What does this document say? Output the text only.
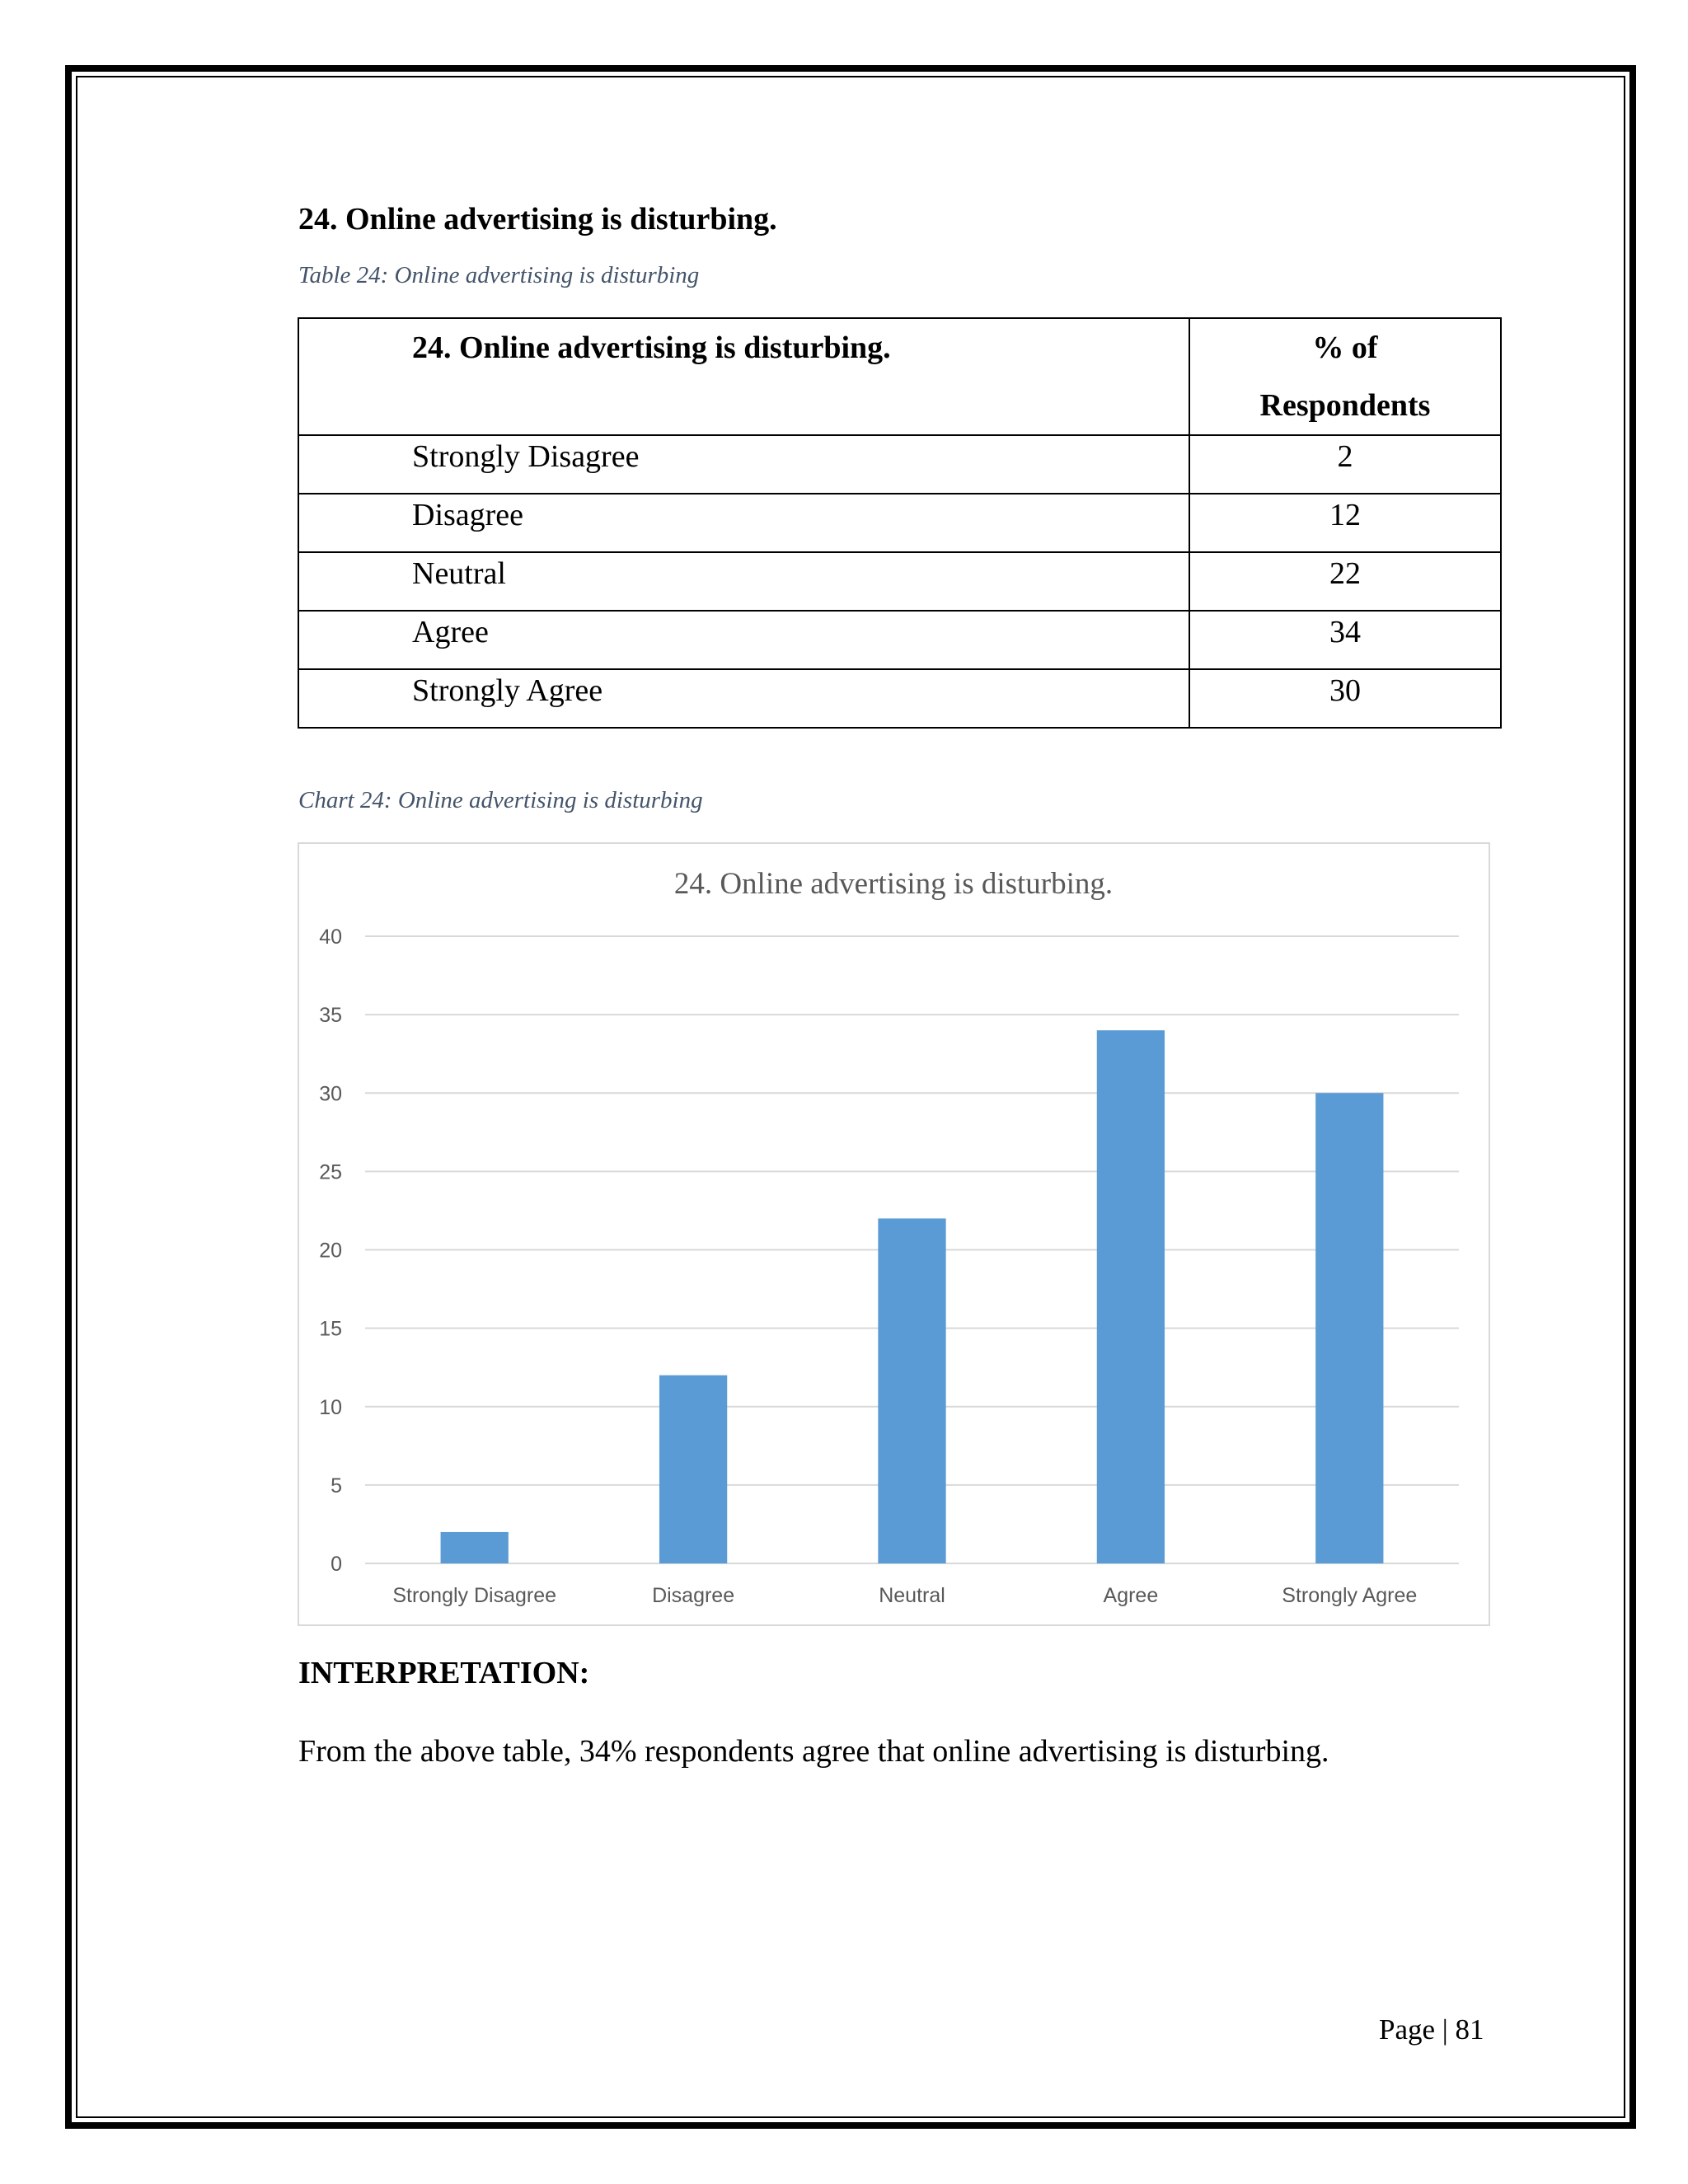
24. Online advertising is disturbing.
Table 24: Online advertising is disturbing
24. Online advertising is disturbing.	% of
Respondents
Strongly Disagree	2
Disagree	12
Neutral	22
Agree	34
Strongly Agree	30
Chart 24: Online advertising is disturbing
24. Online advertising is disturbing.
0
5
10
15
20
25
30
35
40
Strongly Disagree	Disagree	Neutral	Agree	Strongly Agree
INTERPRETATION:
From the above table, 34% respondents agree that online advertising is disturbing.
Page | 81
